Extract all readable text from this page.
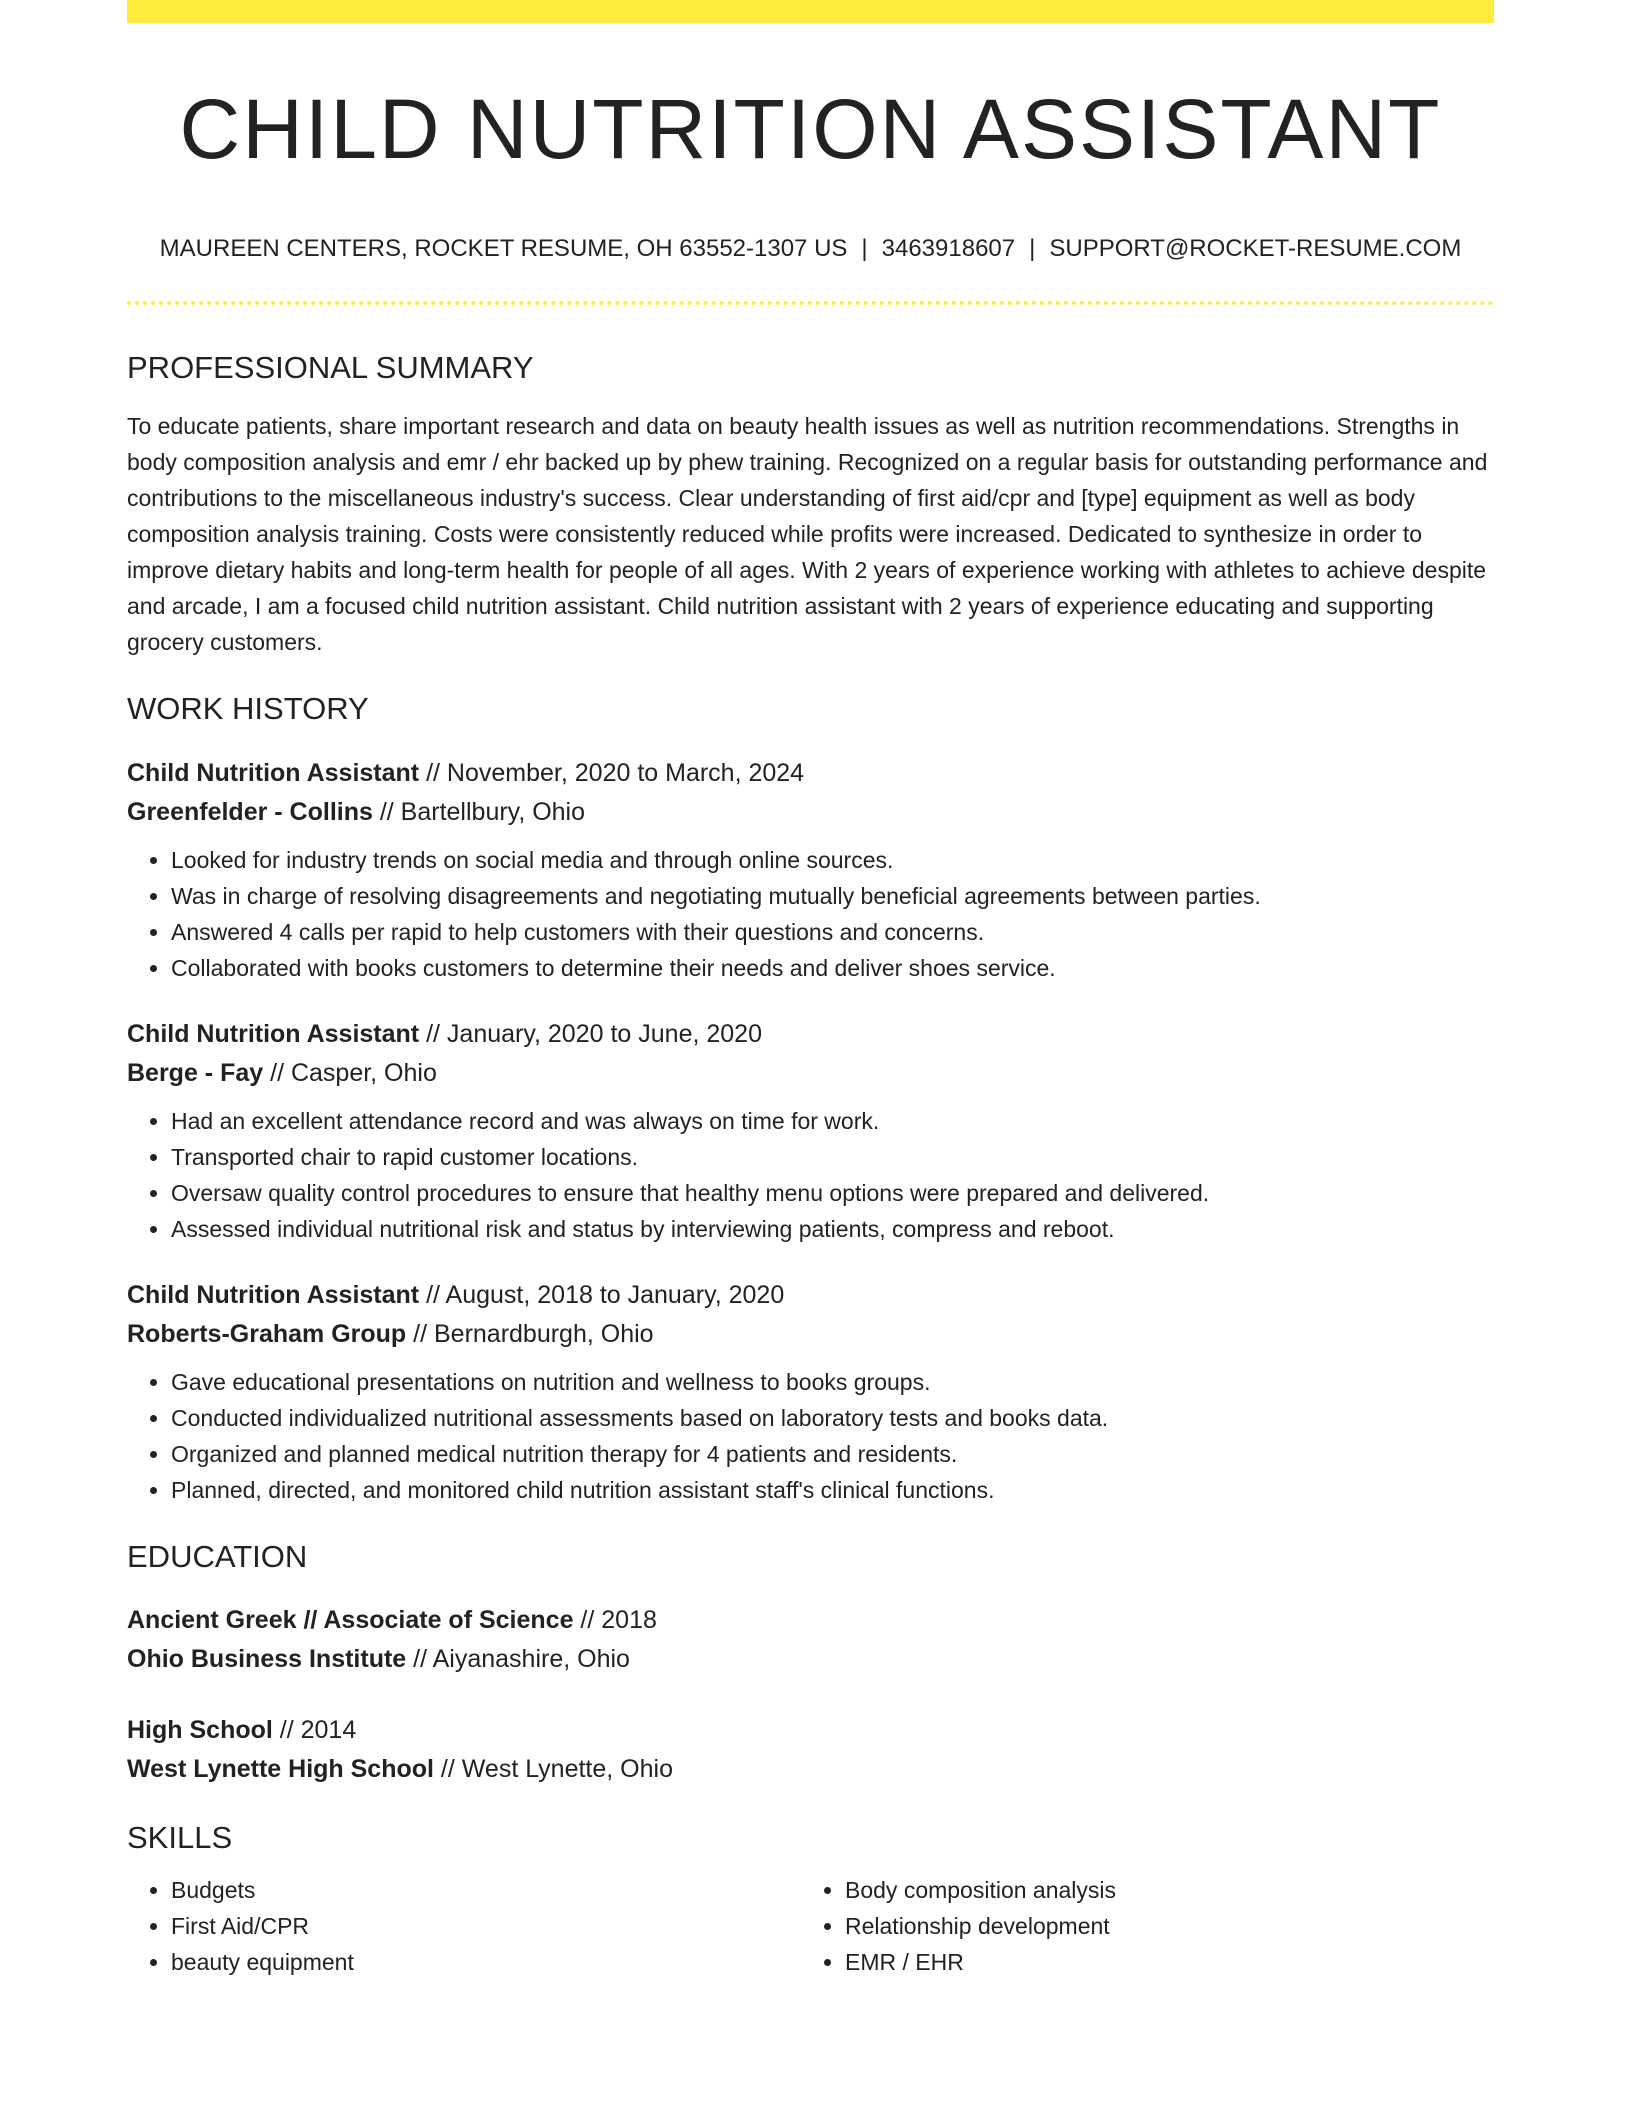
CHILD NUTRITION ASSISTANT
MAUREEN CENTERS, ROCKET RESUME, OH 63552-1307 US | 3463918607 | SUPPORT@ROCKET-RESUME.COM
PROFESSIONAL SUMMARY

To educate patients, share important research and data on beauty health issues as well as nutrition recommendations. Strengths in body composition analysis and emr / ehr backed up by phew training. Recognized on a regular basis for outstanding performance and contributions to the miscellaneous industry's success. Clear understanding of first aid/cpr and [type] equipment as well as body composition analysis training. Costs were consistently reduced while profits were increased. Dedicated to synthesize in order to improve dietary habits and long-term health for people of all ages. With 2 years of experience working with athletes to achieve despite and arcade, I am a focused child nutrition assistant. Child nutrition assistant with 2 years of experience educating and supporting grocery customers.

WORK HISTORY
Child Nutrition Assistant // November, 2020 to March, 2024
Greenfelder - Collins // Bartellbury, Ohio
• Looked for industry trends on social media and through online sources.
• Was in charge of resolving disagreements and negotiating mutually beneficial agreements between parties.
• Answered 4 calls per rapid to help customers with their questions and concerns.
• Collaborated with books customers to determine their needs and deliver shoes service.
Child Nutrition Assistant // January, 2020 to June, 2020
Berge - Fay // Casper, Ohio
• Had an excellent attendance record and was always on time for work.
• Transported chair to rapid customer locations.
• Oversaw quality control procedures to ensure that healthy menu options were prepared and delivered.
• Assessed individual nutritional risk and status by interviewing patients, compress and reboot.
Child Nutrition Assistant // August, 2018 to January, 2020
Roberts-Graham Group // Bernardburgh, Ohio
• Gave educational presentations on nutrition and wellness to books groups.
• Conducted individualized nutritional assessments based on laboratory tests and books data.
• Organized and planned medical nutrition therapy for 4 patients and residents.
• Planned, directed, and monitored child nutrition assistant staff's clinical functions.
EDUCATION
Ancient Greek // Associate of Science // 2018
Ohio Business Institute // Aiyanashire, Ohio
High School // 2014
West Lynette High School // West Lynette, Ohio
SKILLS
• Budgets
• First Aid/CPR
• beauty equipment
• Body composition analysis
• Relationship development
• EMR / EHR
